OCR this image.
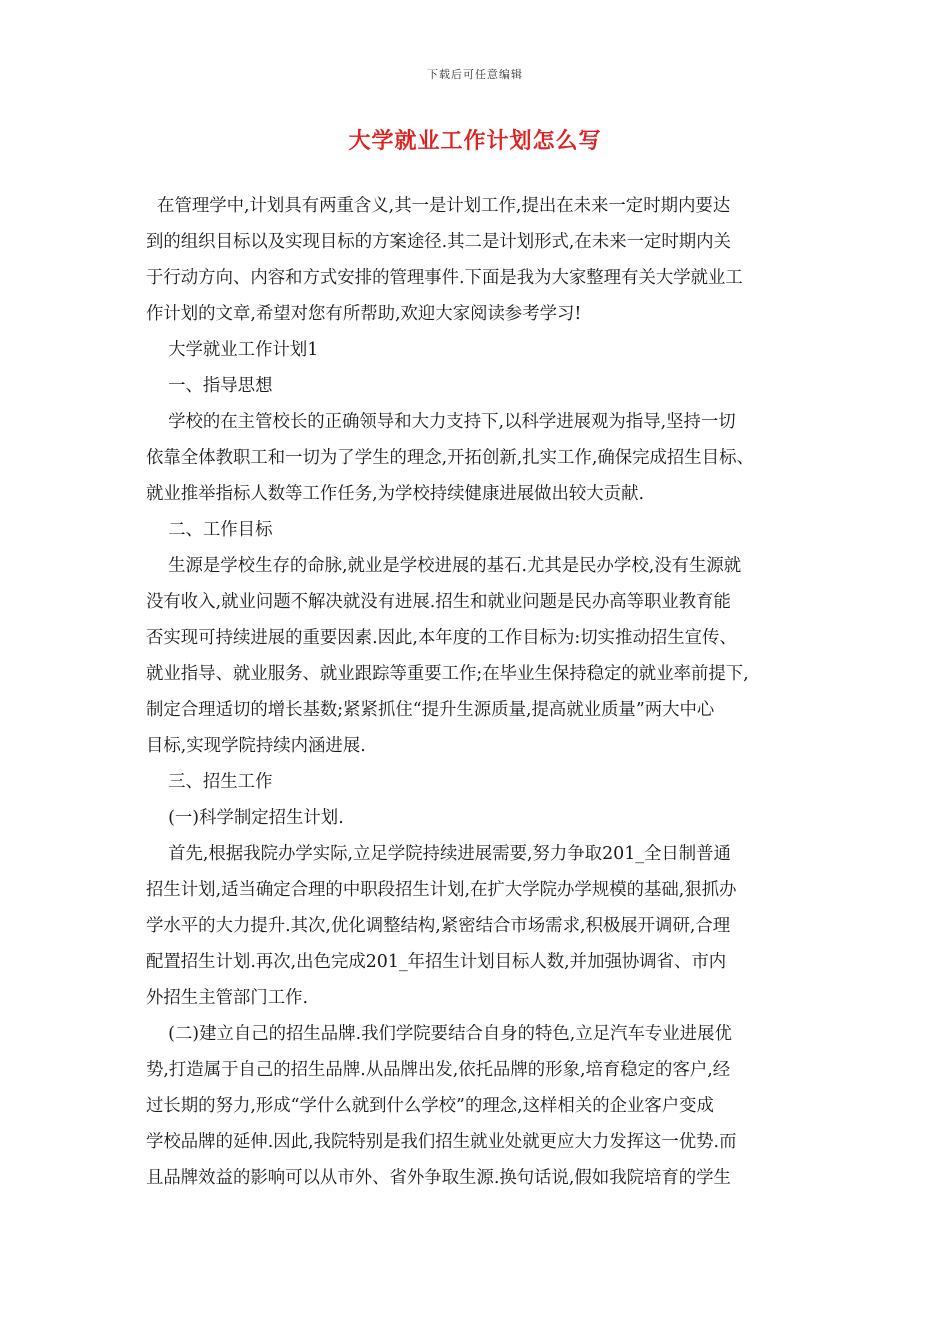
下载后可任意编辑
大学就业工作计划怎么写
在管理学中,计划具有两重含义,其一是计划工作,提出在未来一定时期内要达
到的组织目标以及实现目标的方案途径.其二是计划形式,在未来一定时期内关
于行动方向、内容和方式安排的管理事件.下面是我为大家整理有关大学就业工
作计划的文章,希望对您有所帮助,欢迎大家阅读参考学习!
大学就业工作计划1
一、指导思想
学校的在主管校长的正确领导和大力支持下,以科学进展观为指导,坚持一切
依靠全体教职工和一切为了学生的理念,开拓创新,扎实工作,确保完成招生目标、
就业推举指标人数等工作任务,为学校持续健康进展做出较大贡献.
二、工作目标
生源是学校生存的命脉,就业是学校进展的基石.尤其是民办学校,没有生源就
没有收入,就业问题不解决就没有进展.招生和就业问题是民办高等职业教育能
否实现可持续进展的重要因素.因此,本年度的工作目标为:切实推动招生宣传、
就业指导、就业服务、就业跟踪等重要工作;在毕业生保持稳定的就业率前提下,
制定合理适切的增长基数;紧紧抓住“提升生源质量,提高就业质量”两大中心
目标,实现学院持续内涵进展.
三、招生工作
(一)科学制定招生计划.
首先,根据我院办学实际,立足学院持续进展需要,努力争取201_全日制普通
招生计划,适当确定合理的中职段招生计划,在扩大学院办学规模的基础,狠抓办
学水平的大力提升.其次,优化调整结构,紧密结合市场需求,积极展开调研,合理
配置招生计划.再次,出色完成201_年招生计划目标人数,并加强协调省、市内
外招生主管部门工作.
(二)建立自己的招生品牌.我们学院要结合自身的特色,立足汽车专业进展优
势,打造属于自己的招生品牌.从品牌出发,依托品牌的形象,培育稳定的客户,经
过长期的努力,形成“学什么就到什么学校”的理念,这样相关的企业客户变成
学校品牌的延伸.因此,我院特别是我们招生就业处就更应大力发挥这一优势.而
且品牌效益的影响可以从市外、省外争取生源.换句话说,假如我院培育的学生
